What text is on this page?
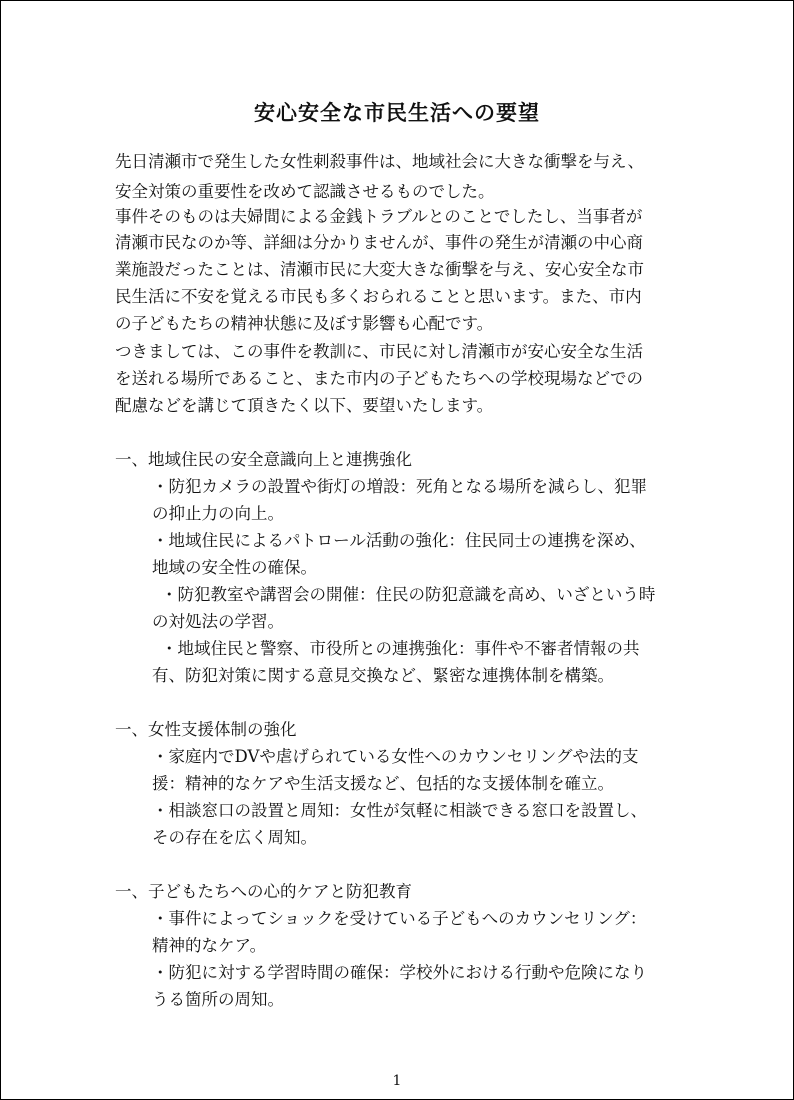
安心安全な市民生活への要望
先日清瀬市で発生した女性刺殺事件は、地域社会に大きな衝撃を与え、
安全対策の重要性を改めて認識させるものでした。
事件そのものは夫婦間による金銭トラブルとのことでしたし、当事者が
清瀬市民なのか等、詳細は分かりませんが、事件の発生が清瀬の中心商
業施設だったことは、清瀬市民に大変大きな衝撃を与え、安心安全な市
民生活に不安を覚える市民も多くおられることと思います。また、市内
の子どもたちの精神状態に及ぼす影響も心配です。
つきましては、この事件を教訓に、市民に対し清瀬市が安心安全な生活
を送れる場所であること、また市内の子どもたちへの学校現場などでの
配慮などを講じて頂きたく以下、要望いたします。
一、地域住民の安全意識向上と連携強化
・防犯カメラの設置や街灯の増設：死角となる場所を減らし、犯罪
の抑止力の向上。
・地域住民によるパトロール活動の強化：住民同士の連携を深め、
地域の安全性の確保。
・防犯教室や講習会の開催：住民の防犯意識を高め、いざという時
の対処法の学習。
・地域住民と警察、市役所との連携強化：事件や不審者情報の共
有、防犯対策に関する意見交換など、緊密な連携体制を構築。
一、女性支援体制の強化
・家庭内でDVや虐げられている女性へのカウンセリングや法的支
援：精神的なケアや生活支援など、包括的な支援体制を確立。
・相談窓口の設置と周知：女性が気軽に相談できる窓口を設置し、
その存在を広く周知。
一、子どもたちへの心的ケアと防犯教育
・事件によってショックを受けている子どもへのカウンセリング：
精神的なケア。
・防犯に対する学習時間の確保：学校外における行動や危険になり
うる箇所の周知。
1
